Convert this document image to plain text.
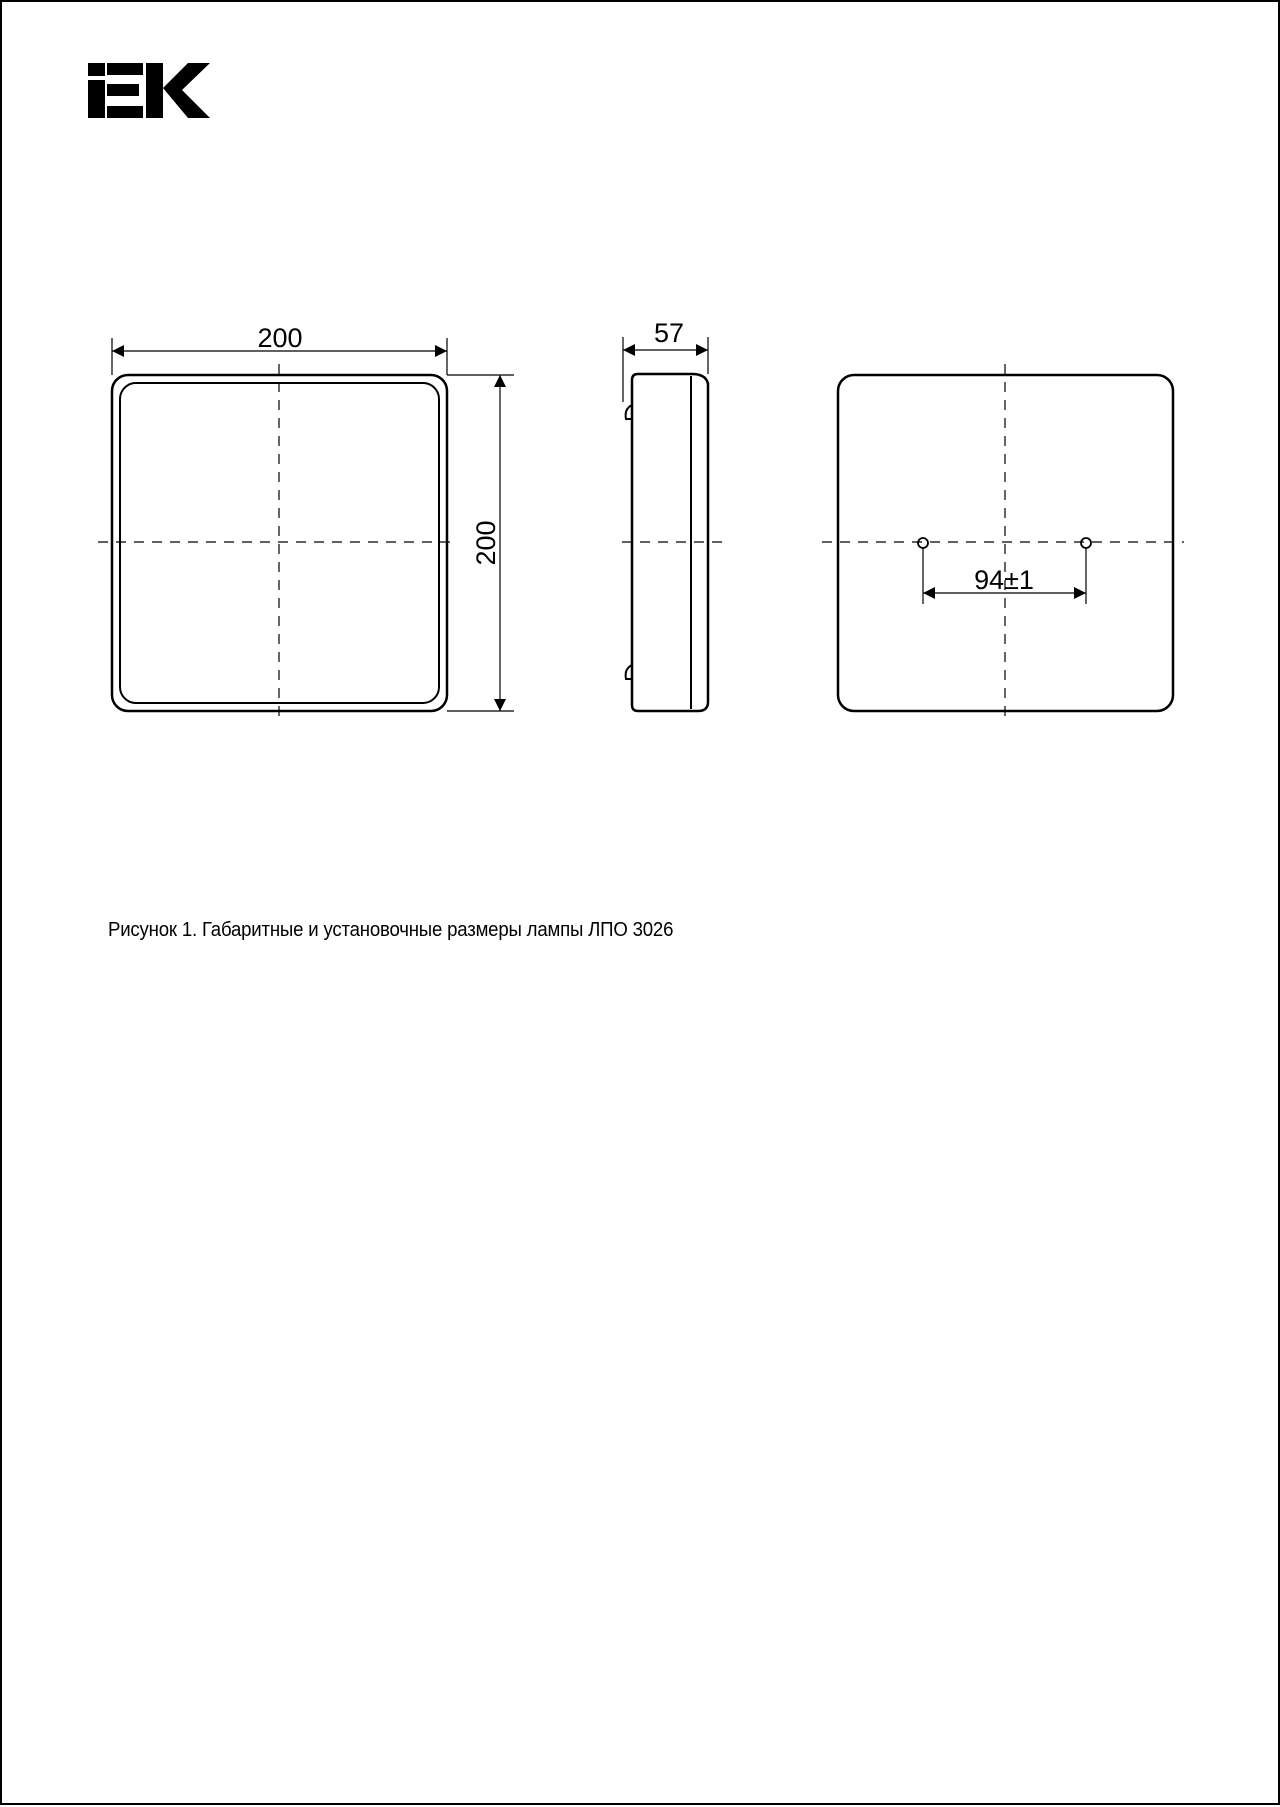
200
200
57
94±1
Рисунок 1. Габаритные и установочные размеры лампы ЛПО 3026
